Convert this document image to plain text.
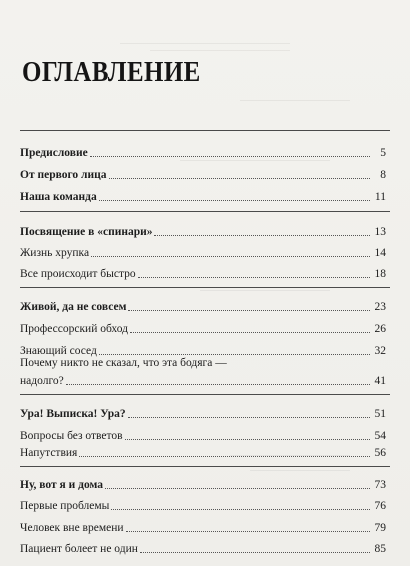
ОГЛАВЛЕНИЕ
Предисловие	5
От первого лица	8
Наша команда	11
Посвящение в «спинари»	13
Жизнь хрупка	14
Все происходит быстро	18
Живой, да не совсем	23
Профессорский обход	26
Знающий сосед	32
Почему никто не сказал, что эта бодяга —
надолго?	41
Ура! Выписка! Ура?	51
Вопросы без ответов	54
Напутствия	56
Ну, вот я и дома	73
Первые проблемы	76
Человек вне времени	79
Пациент болеет не один	85
